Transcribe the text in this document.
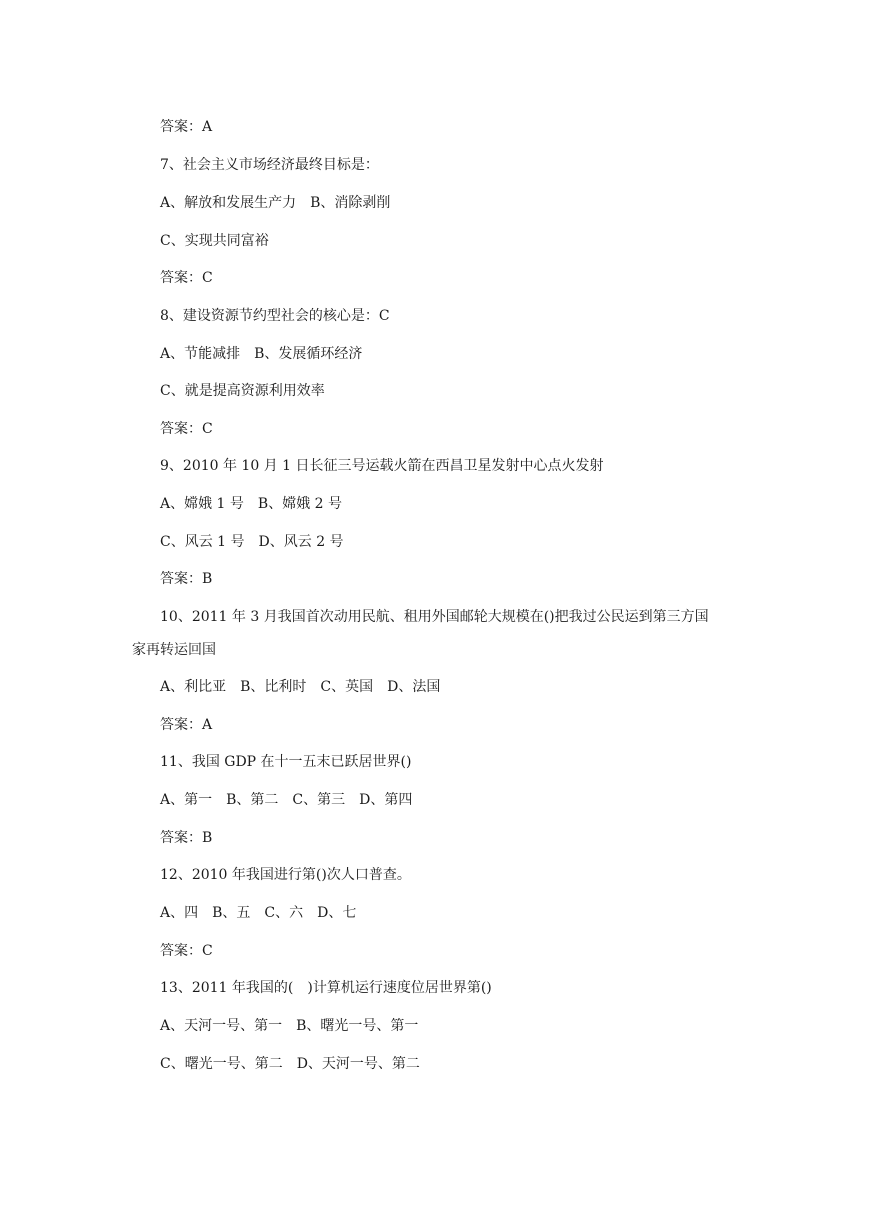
答案：A

7、社会主义市场经济最终目标是：

A、解放和发展生产力　B、消除剥削

C、实现共同富裕

答案：C

8、建设资源节约型社会的核心是：C

A、节能减排　B、发展循环经济

C、就是提高资源利用效率

答案：C

9、2010 年 10 月 1 日长征三号运载火箭在西昌卫星发射中心点火发射

A、嫦娥 1 号　B、嫦娥 2 号

C、风云 1 号　D、风云 2 号

答案：B

10、2011 年 3 月我国首次动用民航、租用外国邮轮大规模在()把我过公民运到第三方国

家再转运回国

A、利比亚　B、比利时　C、英国　D、法国

答案：A

11、我国 GDP 在十一五末已跃居世界()

A、第一　B、第二　C、第三　D、第四

答案：B

12、2010 年我国进行第()次人口普查。

A、四　B、五　C、六　D、七

答案：C

13、2011 年我国的(　)计算机运行速度位居世界第()

A、天河一号、第一　B、曙光一号、第一

C、曙光一号、第二　D、天河一号、第二
